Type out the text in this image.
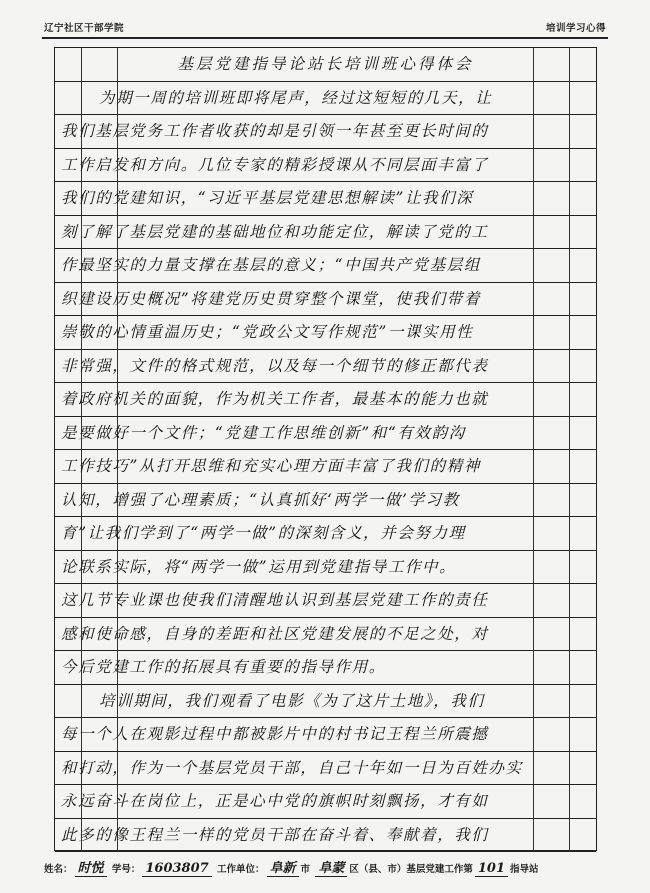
辽宁社区干部学院	培训学习心得
基层党建指导论站长培训班心得体会
为期一周的培训班即将尾声，经过这短短的几天，让
我们基层党务工作者收获的却是引领一年甚至更长时间的
工作启发和方向。几位专家的精彩授课从不同层面丰富了
我们的党建知识，“习近平基层党建思想解读”让我们深
刻了解了基层党建的基础地位和功能定位，解读了党的工
作最坚实的力量支撑在基层的意义；“中国共产党基层组
织建设历史概况”将建党历史贯穿整个课堂，使我们带着
崇敬的心情重温历史；“党政公文写作规范”一课实用性
非常强，文件的格式规范，以及每一个细节的修正都代表
着政府机关的面貌，作为机关工作者，最基本的能力也就
是要做好一个文件；“党建工作思维创新”和“有效韵沟
工作技巧”从打开思维和充实心理方面丰富了我们的精神
认知，增强了心理素质；“认真抓好‘两学一做’学习教
育”让我们学到了“两学一做”的深刻含义，并会努力理
论联系实际，将“两学一做”运用到党建指导工作中。
这几节专业课也使我们清醒地认识到基层党建工作的责任
感和使命感，自身的差距和社区党建发展的不足之处，对
今后党建工作的拓展具有重要的指导作用。
培训期间，我们观看了电影《为了这片土地》，我们
每一个人在观影过程中都被影片中的村书记王程兰所震撼
和打动，作为一个基层党员干部，自己十年如一日为百姓办实
永远奋斗在岗位上，正是心中党的旗帜时刻飘扬，才有如
此多的像王程兰一样的党员干部在奋斗着、奉献着，我们
姓名： 时悦 学号： 1603807 工作单位： 阜新 市 阜蒙 区（县、市）基层党建工作第 101 指导站
